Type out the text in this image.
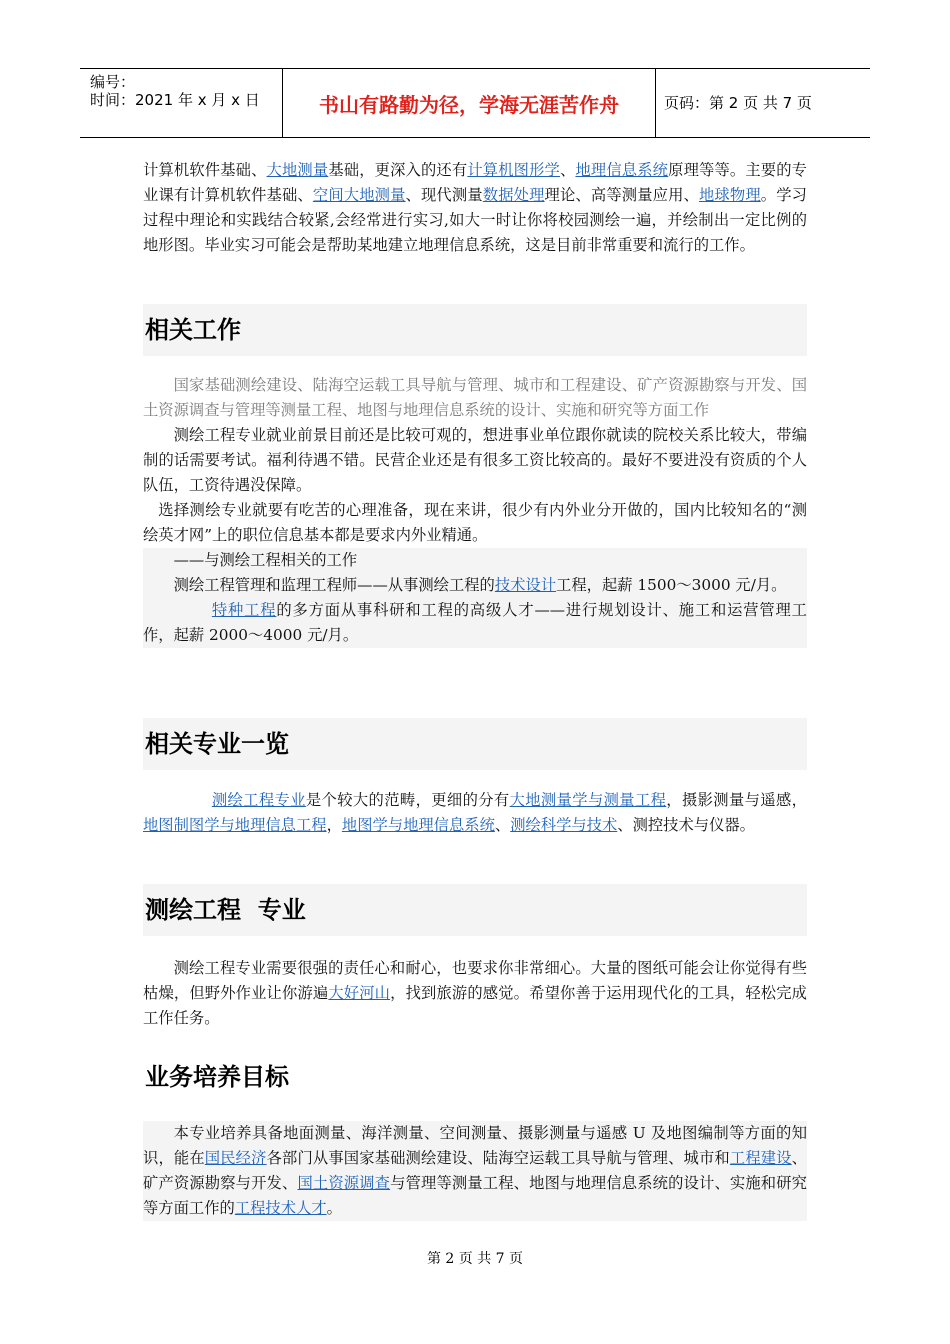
编号：
时间：2021 年 x 月 x 日	书山有路勤为径，学海无涯苦作舟	页码：第 2 页 共 7 页

计算机软件基础、大地测量基础，更深入的还有计算机图形学、地理信息系统原理等等。主要的专业课有计算机软件基础、空间大地测量、现代测量数据处理理论、高等测量应用、地球物理。学习过程中理论和实践结合较紧,会经常进行实习,如大一时让你将校园测绘一遍，并绘制出一定比例的地形图。毕业实习可能会是帮助某地建立地理信息系统，这是目前非常重要和流行的工作。

相关工作

国家基础测绘建设、陆海空运载工具导航与管理、城市和工程建设、矿产资源勘察与开发、国土资源调查与管理等测量工程、地图与地理信息系统的设计、实施和研究等方面工作

测绘工程专业就业前景目前还是比较可观的，想进事业单位跟你就读的院校关系比较大，带编制的话需要考试。福利待遇不错。民营企业还是有很多工资比较高的。最好不要进没有资质的个人队伍，工资待遇没保障。

选择测绘专业就要有吃苦的心理准备，现在来讲，很少有内外业分开做的，国内比较知名的“测绘英才网”上的职位信息基本都是要求内外业精通。

——与测绘工程相关的工作

测绘工程管理和监理工程师——从事测绘工程的技术设计工程，起薪 1500～3000 元/月。

特种工程的多方面从事科研和工程的高级人才——进行规划设计、施工和运营管理工作，起薪 2000～4000 元/月。

相关专业一览

测绘工程专业是个较大的范畴，更细的分有大地测量学与测量工程，摄影测量与遥感，地图制图学与地理信息工程，地图学与地理信息系统、测绘科学与技术、测控技术与仪器。

测绘工程  专业

测绘工程专业需要很强的责任心和耐心，也要求你非常细心。大量的图纸可能会让你觉得有些枯燥，但野外作业让你游遍大好河山，找到旅游的感觉。希望你善于运用现代化的工具，轻松完成工作任务。

业务培养目标

本专业培养具备地面测量、海洋测量、空间测量、摄影测量与遥感 U 及地图编制等方面的知识，能在国民经济各部门从事国家基础测绘建设、陆海空运载工具导航与管理、城市和工程建设、矿产资源勘察与开发、国土资源调查与管理等测量工程、地图与地理信息系统的设计、实施和研究等方面工作的工程技术人才。

第 2 页 共 7 页
